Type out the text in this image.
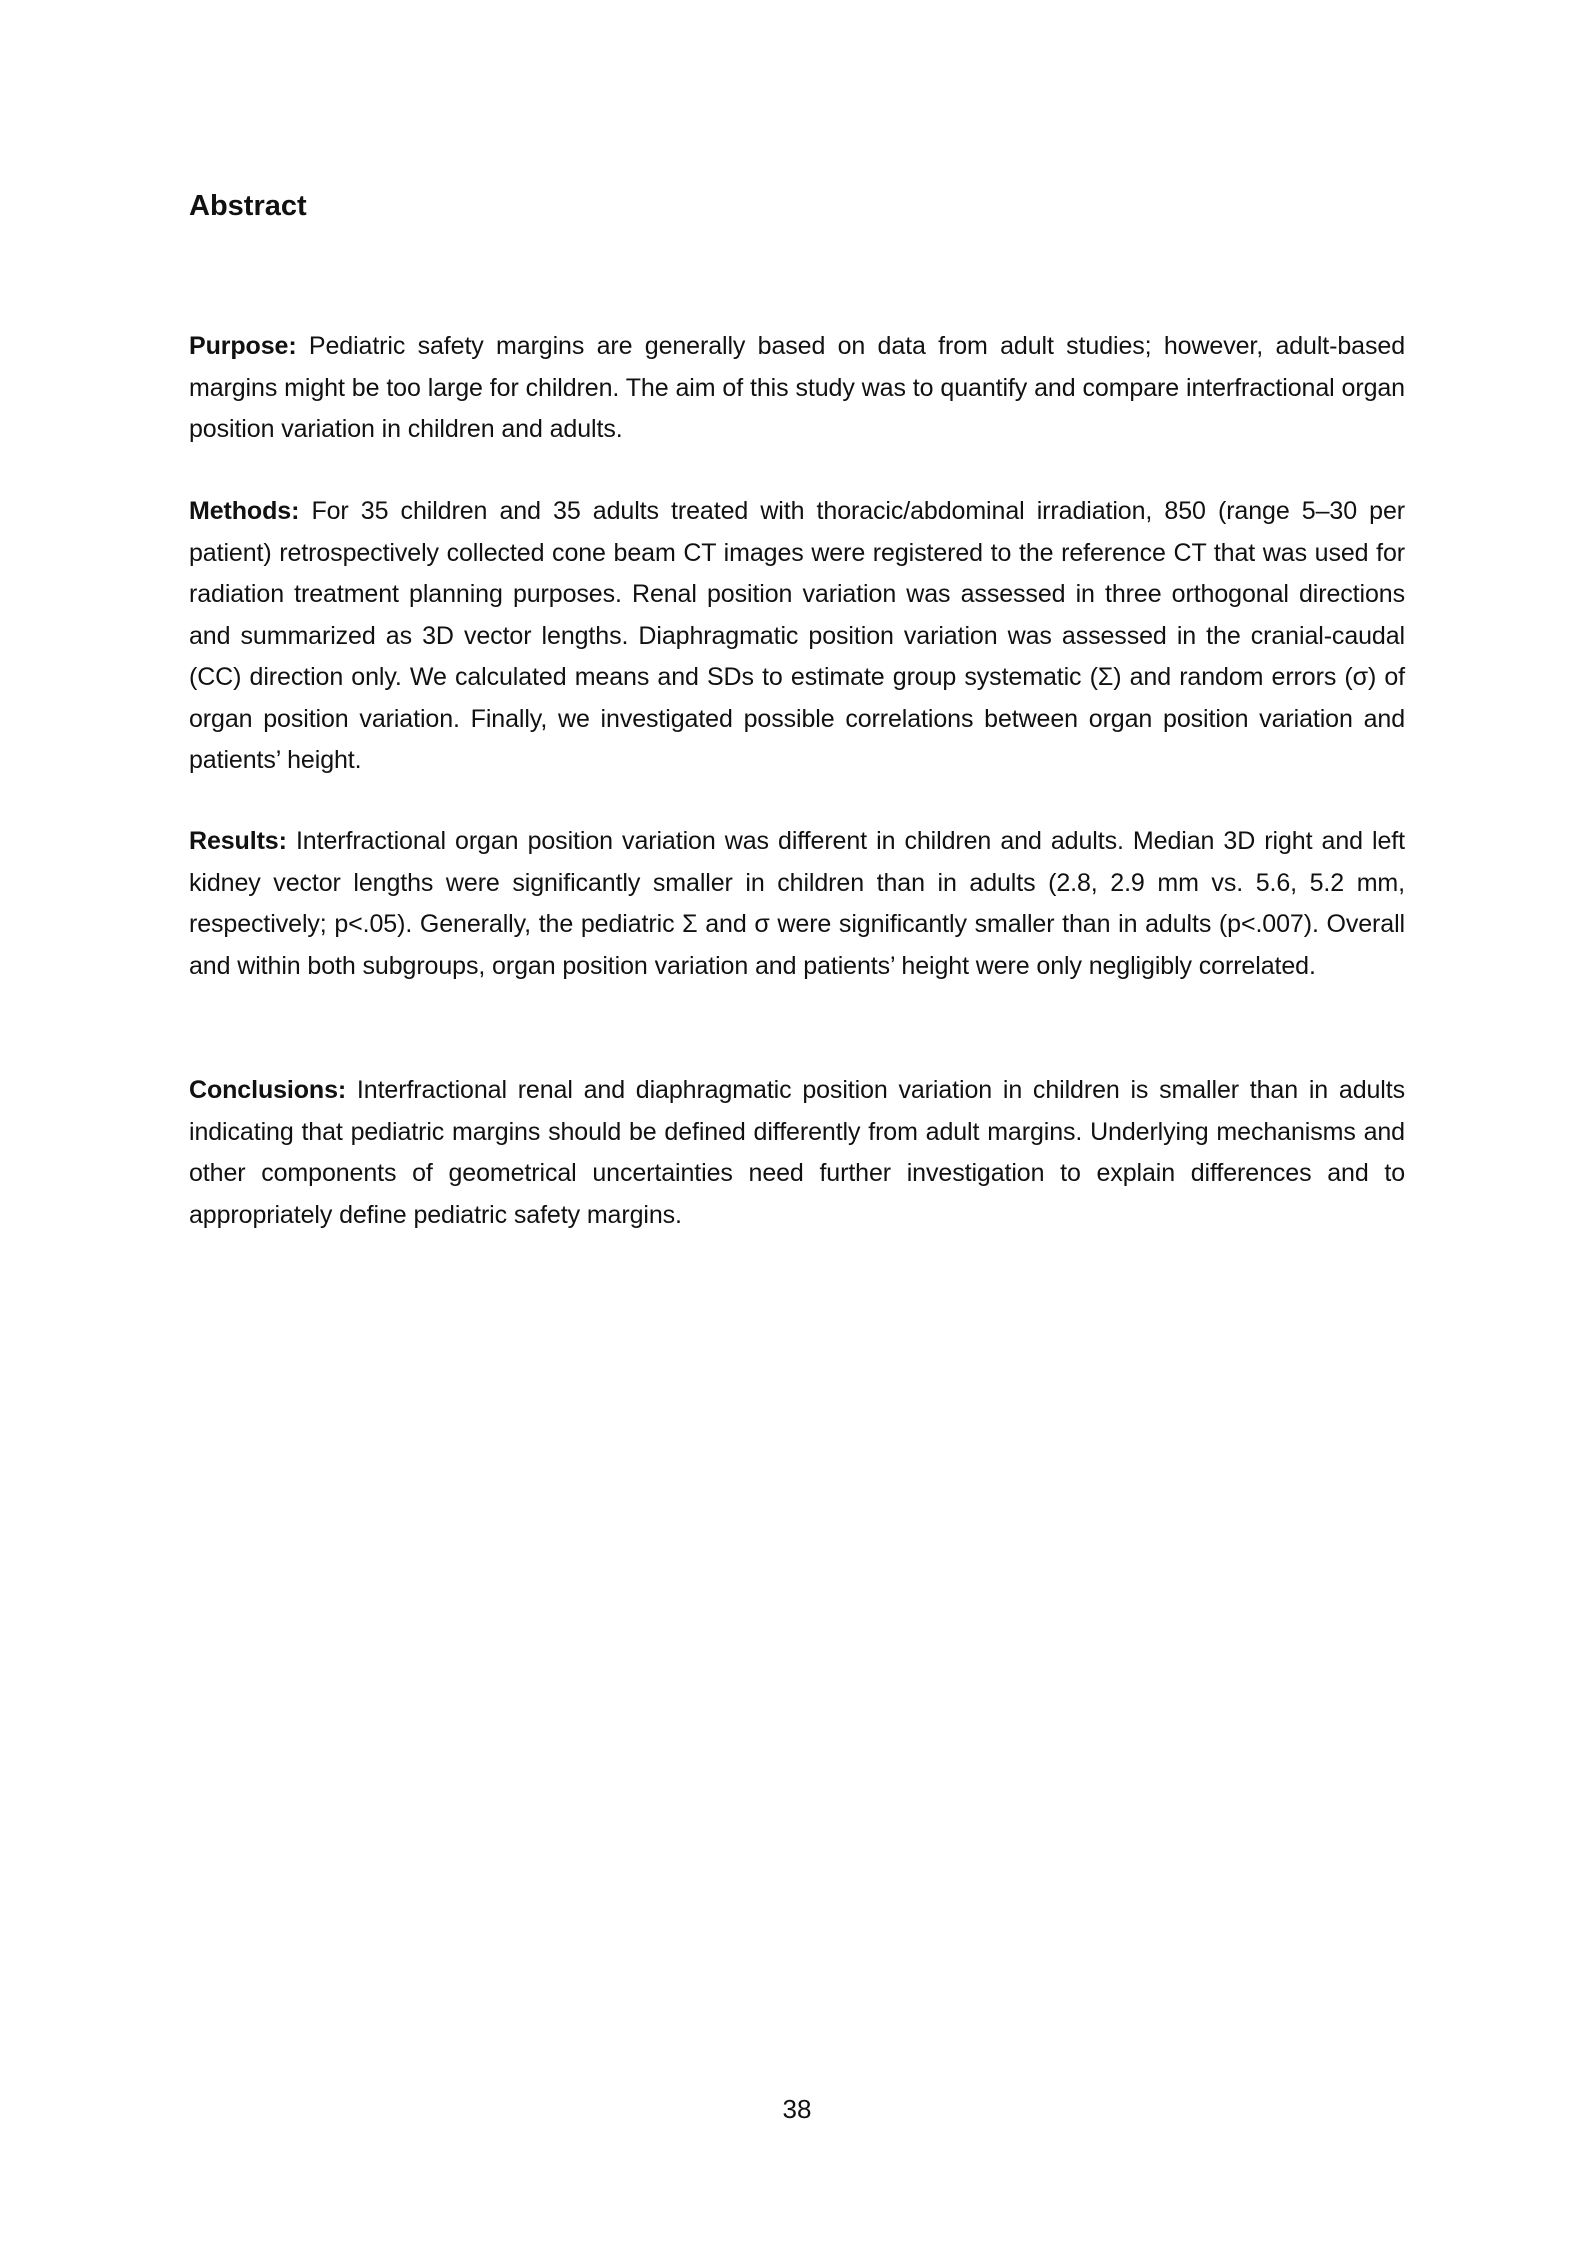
Abstract

Purpose: Pediatric safety margins are generally based on data from adult studies; however, adult-based margins might be too large for children. The aim of this study was to quantify and compare interfractional organ position variation in children and adults.

Methods: For 35 children and 35 adults treated with thoracic/abdominal irradiation, 850 (range 5–30 per patient) retrospectively collected cone beam CT images were registered to the reference CT that was used for radiation treatment planning purposes. Renal position variation was assessed in three orthogonal directions and summarized as 3D vector lengths. Diaphragmatic position variation was assessed in the cranial-caudal (CC) direction only. We calculated means and SDs to estimate group systematic (Σ) and random errors (σ) of organ position variation. Finally, we investigated possible correlations between organ position variation and patients’ height.

Results: Interfractional organ position variation was different in children and adults. Median 3D right and left kidney vector lengths were significantly smaller in children than in adults (2.8, 2.9 mm vs. 5.6, 5.2 mm, respectively; p<.05). Generally, the pediatric Σ and σ were significantly smaller than in adults (p<.007). Overall and within both subgroups, organ position variation and patients’ height were only negligibly correlated.

Conclusions: Interfractional renal and diaphragmatic position variation in children is smaller than in adults indicating that pediatric margins should be defined differently from adult margins. Underlying mechanisms and other components of geometrical uncertainties need further investigation to explain differences and to appropriately define pediatric safety margins.

38
